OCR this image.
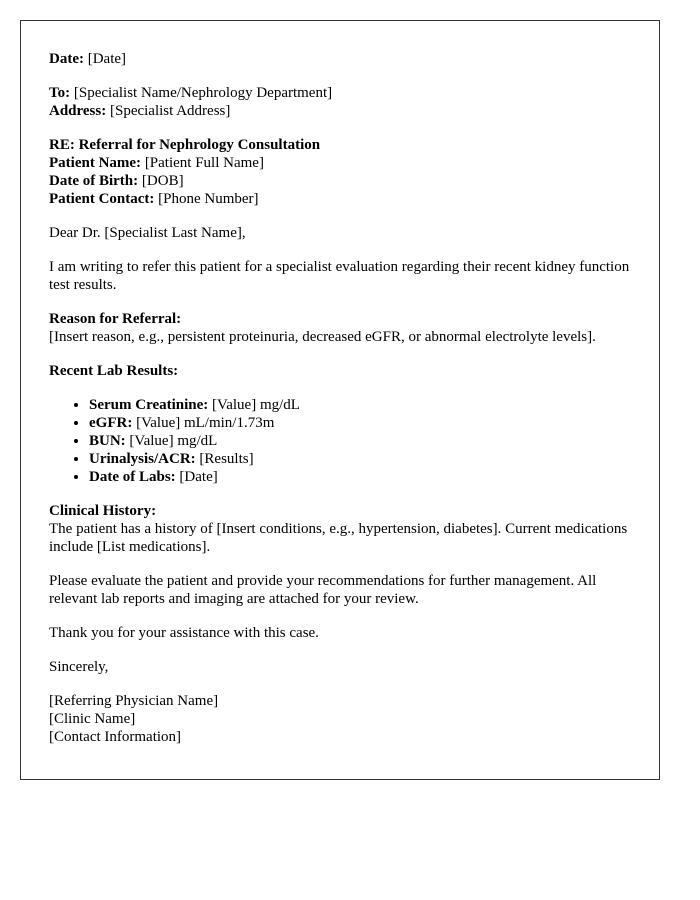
Date: [Date]
To: [Specialist Name/Nephrology Department]
Address: [Specialist Address]
RE: Referral for Nephrology Consultation
Patient Name: [Patient Full Name]
Date of Birth: [DOB]
Patient Contact: [Phone Number]
Dear Dr. [Specialist Last Name],
I am writing to refer this patient for a specialist evaluation regarding their recent kidney function test results.
Reason for Referral:
[Insert reason, e.g., persistent proteinuria, decreased eGFR, or abnormal electrolyte levels].
Recent Lab Results:
• Serum Creatinine: [Value] mg/dL
• eGFR: [Value] mL/min/1.73m
• BUN: [Value] mg/dL
• Urinalysis/ACR: [Results]
• Date of Labs: [Date]
Clinical History:
The patient has a history of [Insert conditions, e.g., hypertension, diabetes]. Current medications include [List medications].
Please evaluate the patient and provide your recommendations for further management. All relevant lab reports and imaging are attached for your review.
Thank you for your assistance with this case.
Sincerely,
[Referring Physician Name]
[Clinic Name]
[Contact Information]
